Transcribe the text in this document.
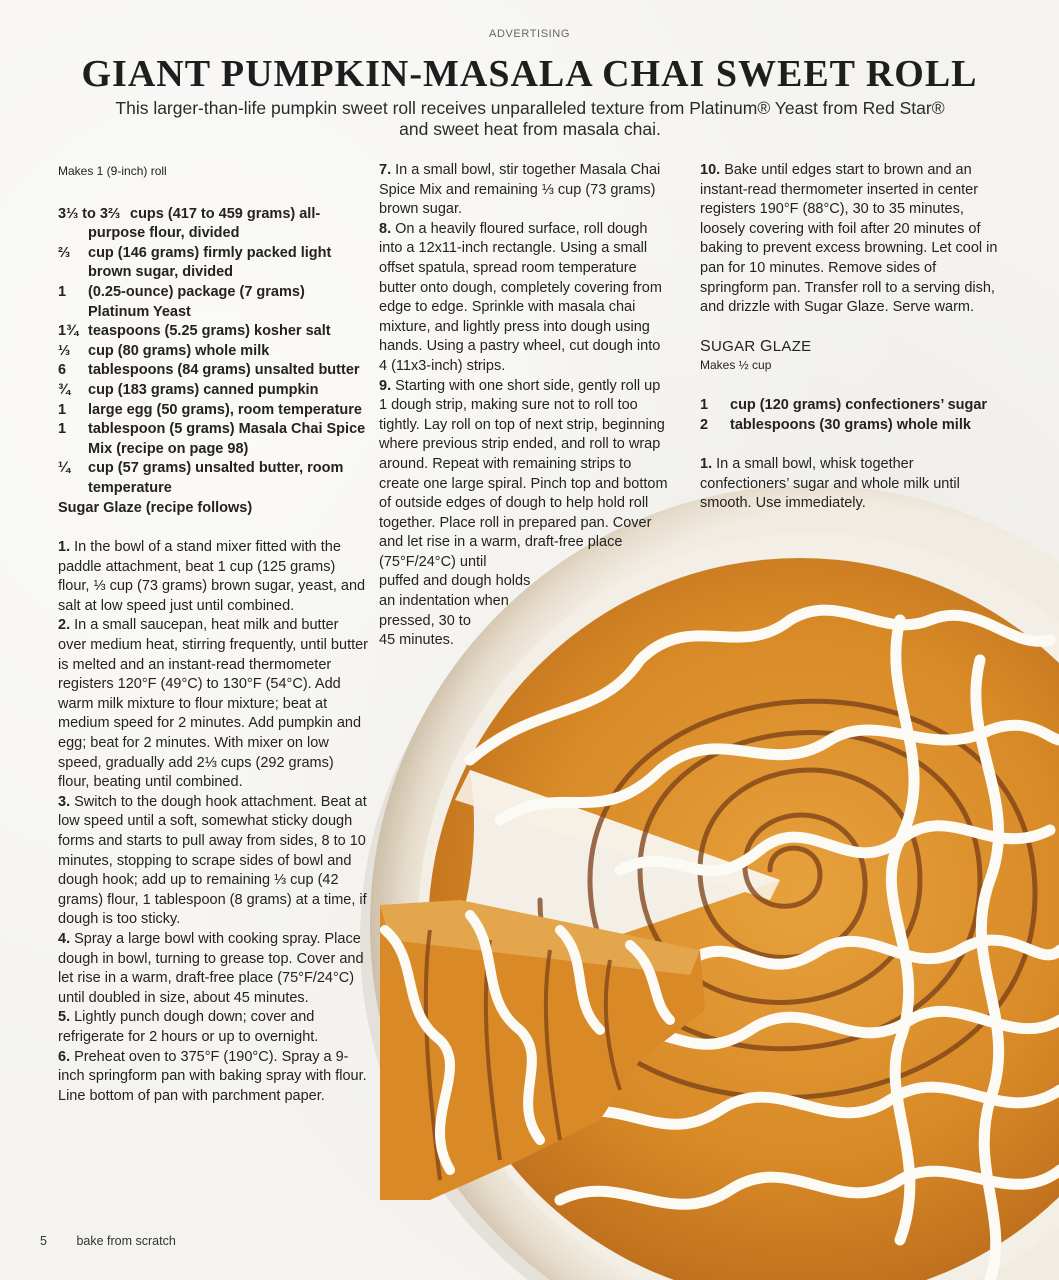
ADVERTISING
GIANT PUMPKIN-MASALA CHAI SWEET ROLL
This larger-than-life pumpkin sweet roll receives unparalleled texture from Platinum® Yeast from Red Star® and sweet heat from masala chai.
Makes 1 (9-inch) roll
3⅓ to 3⅔ cups (417 to 459 grams) all-purpose flour, divided
⅔	cup (146 grams) firmly packed light brown sugar, divided
1	(0.25-ounce) package (7 grams) Platinum Yeast
1¾ teaspoons (5.25 grams) kosher salt
⅓	cup (80 grams) whole milk
6	tablespoons (84 grams) unsalted butter
¾	cup (183 grams) canned pumpkin
1	large egg (50 grams), room temperature
1	tablespoon (5 grams) Masala Chai Spice Mix (recipe on page 98)
¼	cup (57 grams) unsalted butter, room temperature
Sugar Glaze (recipe follows)

1. In the bowl of a stand mixer fitted with the paddle attachment, beat 1 cup (125 grams) flour, ⅓ cup (73 grams) brown sugar, yeast, and salt at low speed just until combined.

2. In a small saucepan, heat milk and butter over medium heat, stirring frequently, until butter is melted and an instant-read thermometer registers 120°F (49°C) to 130°F (54°C). Add warm milk mixture to flour mixture; beat at medium speed for 2 minutes. Add pumpkin and egg; beat for 2 minutes. With mixer on low speed, gradually add 2⅓ cups (292 grams) flour, beating until combined.

3. Switch to the dough hook attachment. Beat at low speed until a soft, somewhat sticky dough forms and starts to pull away from sides, 8 to 10 minutes, stopping to scrape sides of bowl and dough hook; add up to remaining ⅓ cup (42 grams) flour, 1 tablespoon (8 grams) at a time, if dough is too sticky.

4. Spray a large bowl with cooking spray. Place dough in bowl, turning to grease top. Cover and let rise in a warm, draft-free place (75°F/24°C) until doubled in size, about 45 minutes.

5. Lightly punch dough down; cover and refrigerate for 2 hours or up to overnight.

6. Preheat oven to 375°F (190°C). Spray a 9-inch springform pan with baking spray with flour. Line bottom of pan with parchment paper.

7. In a small bowl, stir together Masala Chai Spice Mix and remaining ⅓ cup (73 grams) brown sugar.

8. On a heavily floured surface, roll dough into a 12x11-inch rectangle. Using a small offset spatula, spread room temperature butter onto dough, completely covering from edge to edge. Sprinkle with masala chai mixture, and lightly press into dough using hands. Using a pastry wheel, cut dough into 4 (11x3-inch) strips.

9. Starting with one short side, gently roll up 1 dough strip, making sure not to roll too tightly. Lay roll on top of next strip, beginning where previous strip ended, and roll to wrap around. Repeat with remaining strips to create one large spiral. Pinch top and bottom of outside edges of dough to help hold roll together. Place roll in prepared pan. Cover and let rise in a warm, draft-free place (75°F/24°C) until

puffed and dough holds
an indentation when
pressed, 30 to
45 minutes.

10. Bake until edges start to brown and an instant-read thermometer inserted in center registers 190°F (88°C), 30 to 35 minutes, loosely covering with foil after 20 minutes of baking to prevent excess browning. Let cool in pan for 10 minutes. Remove sides of springform pan. Transfer roll to a serving dish, and drizzle with Sugar Glaze. Serve warm.

SUGAR GLAZE
Makes ½ cup
1	cup (120 grams) confectioners’ sugar
2	tablespoons (30 grams) whole milk

1. In a small bowl, whisk together confectioners’ sugar and whole milk until smooth. Use immediately.

5 bake from scratch
